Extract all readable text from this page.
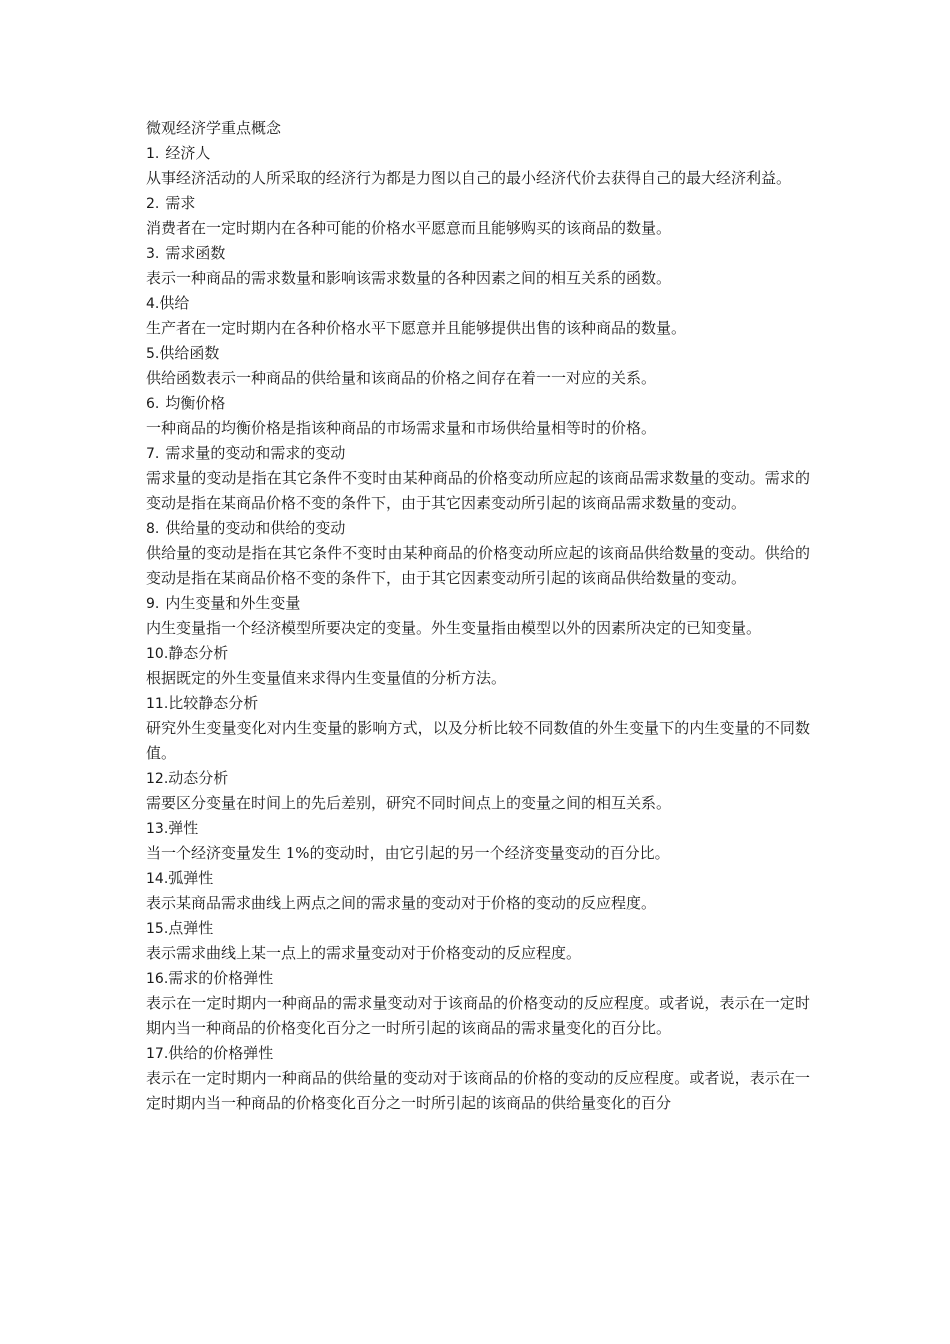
微观经济学重点概念

1. 经济人

从事经济活动的人所采取的经济行为都是力图以自己的最小经济代价去获得自己的最大经济利益。

2. 需求

消费者在一定时期内在各种可能的价格水平愿意而且能够购买的该商品的数量。

3. 需求函数

表示一种商品的需求数量和影响该需求数量的各种因素之间的相互关系的函数。

4.供给

生产者在一定时期内在各种价格水平下愿意并且能够提供出售的该种商品的数量。

5.供给函数

供给函数表示一种商品的供给量和该商品的价格之间存在着一一对应的关系。

6. 均衡价格

一种商品的均衡价格是指该种商品的市场需求量和市场供给量相等时的价格。

7. 需求量的变动和需求的变动

需求量的变动是指在其它条件不变时由某种商品的价格变动所应起的该商品需求数量的变动。需求的变动是指在某商品价格不变的条件下，由于其它因素变动所引起的该商品需求数量的变动。

8. 供给量的变动和供给的变动

供给量的变动是指在其它条件不变时由某种商品的价格变动所应起的该商品供给数量的变动。供给的变动是指在某商品价格不变的条件下，由于其它因素变动所引起的该商品供给数量的变动。

9. 内生变量和外生变量

内生变量指一个经济模型所要决定的变量。外生变量指由模型以外的因素所决定的已知变量。

10.静态分析

根据既定的外生变量值来求得内生变量值的分析方法。

11.比较静态分析

研究外生变量变化对内生变量的影响方式，以及分析比较不同数值的外生变量下的内生变量的不同数值。

12.动态分析

需要区分变量在时间上的先后差别，研究不同时间点上的变量之间的相互关系。

13.弹性

当一个经济变量发生 1%的变动时，由它引起的另一个经济变量变动的百分比。

14.弧弹性

表示某商品需求曲线上两点之间的需求量的变动对于价格的变动的反应程度。

15.点弹性

表示需求曲线上某一点上的需求量变动对于价格变动的反应程度。

16.需求的价格弹性

表示在一定时期内一种商品的需求量变动对于该商品的价格变动的反应程度。或者说，表示在一定时期内当一种商品的价格变化百分之一时所引起的该商品的需求量变化的百分比。

17.供给的价格弹性

表示在一定时期内一种商品的供给量的变动对于该商品的价格的变动的反应程度。或者说，表示在一定时期内当一种商品的价格变化百分之一时所引起的该商品的供给量变化的百分
